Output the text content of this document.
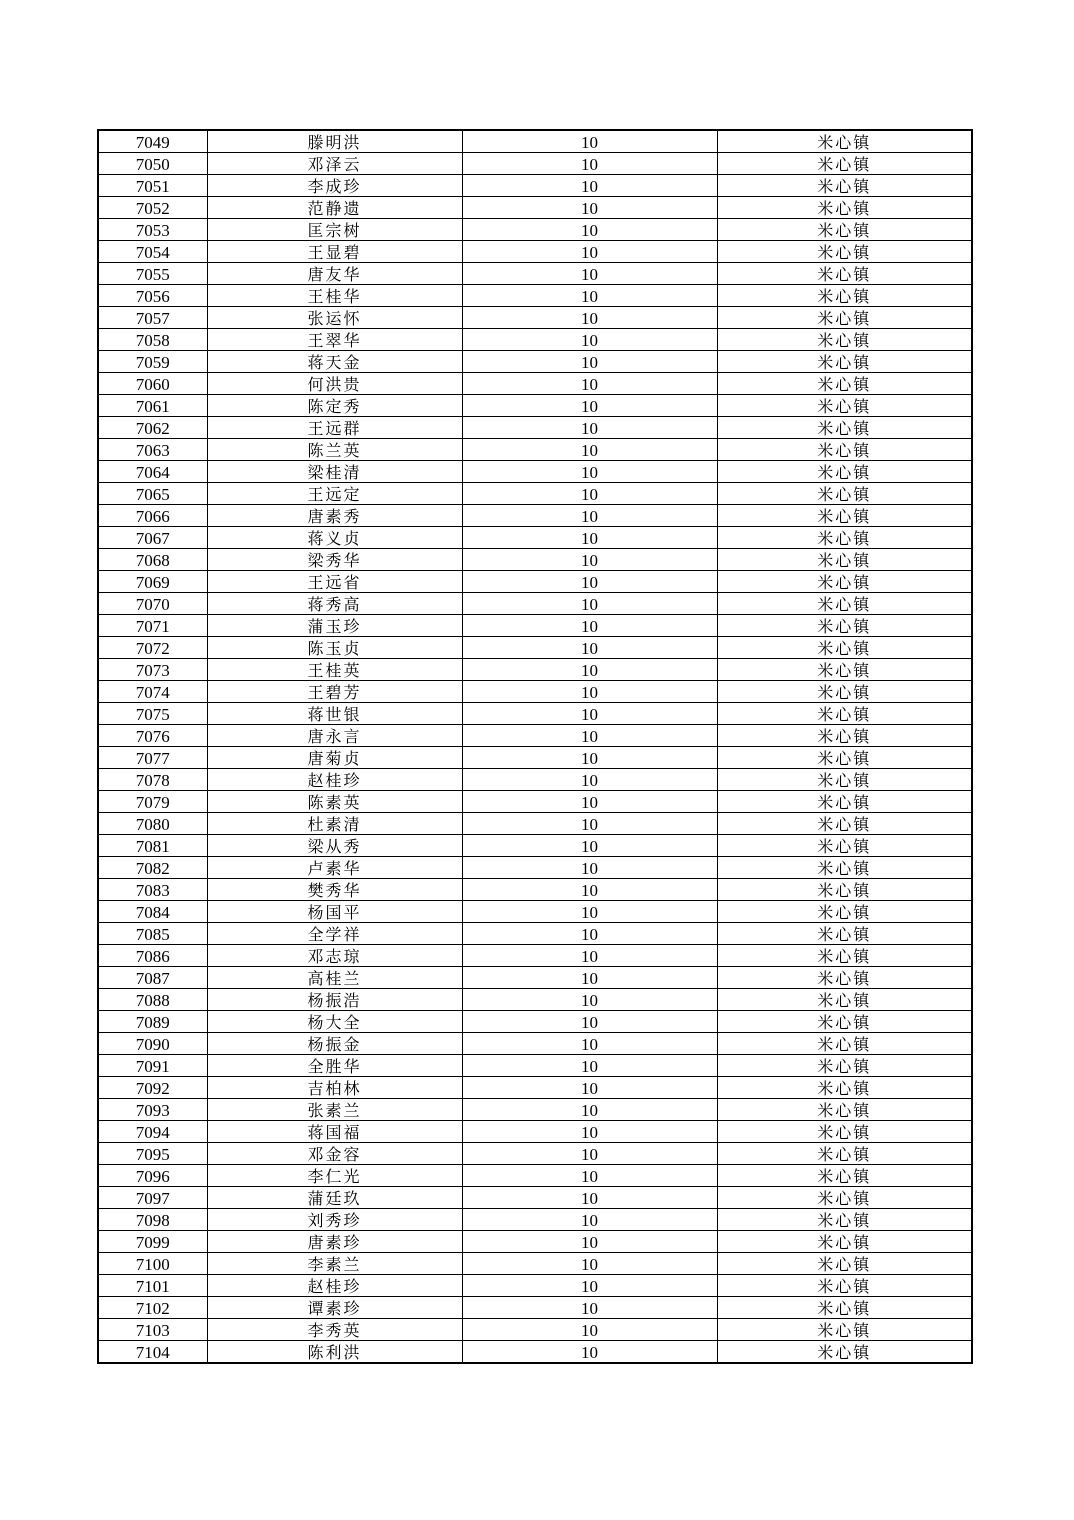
7049	滕明洪	10	米心镇
7050	邓泽云	10	米心镇
7051	李成珍	10	米心镇
7052	范静遗	10	米心镇
7053	匡宗树	10	米心镇
7054	王显碧	10	米心镇
7055	唐友华	10	米心镇
7056	王桂华	10	米心镇
7057	张运怀	10	米心镇
7058	王翠华	10	米心镇
7059	蒋天金	10	米心镇
7060	何洪贵	10	米心镇
7061	陈定秀	10	米心镇
7062	王远群	10	米心镇
7063	陈兰英	10	米心镇
7064	梁桂清	10	米心镇
7065	王远定	10	米心镇
7066	唐素秀	10	米心镇
7067	蒋义贞	10	米心镇
7068	梁秀华	10	米心镇
7069	王远省	10	米心镇
7070	蒋秀高	10	米心镇
7071	蒲玉珍	10	米心镇
7072	陈玉贞	10	米心镇
7073	王桂英	10	米心镇
7074	王碧芳	10	米心镇
7075	蒋世银	10	米心镇
7076	唐永言	10	米心镇
7077	唐菊贞	10	米心镇
7078	赵桂珍	10	米心镇
7079	陈素英	10	米心镇
7080	杜素清	10	米心镇
7081	梁从秀	10	米心镇
7082	卢素华	10	米心镇
7083	樊秀华	10	米心镇
7084	杨国平	10	米心镇
7085	全学祥	10	米心镇
7086	邓志琼	10	米心镇
7087	高桂兰	10	米心镇
7088	杨振浩	10	米心镇
7089	杨大全	10	米心镇
7090	杨振金	10	米心镇
7091	全胜华	10	米心镇
7092	吉柏林	10	米心镇
7093	张素兰	10	米心镇
7094	蒋国福	10	米心镇
7095	邓金容	10	米心镇
7096	李仁光	10	米心镇
7097	蒲廷玖	10	米心镇
7098	刘秀珍	10	米心镇
7099	唐素珍	10	米心镇
7100	李素兰	10	米心镇
7101	赵桂珍	10	米心镇
7102	谭素珍	10	米心镇
7103	李秀英	10	米心镇
7104	陈利洪	10	米心镇
